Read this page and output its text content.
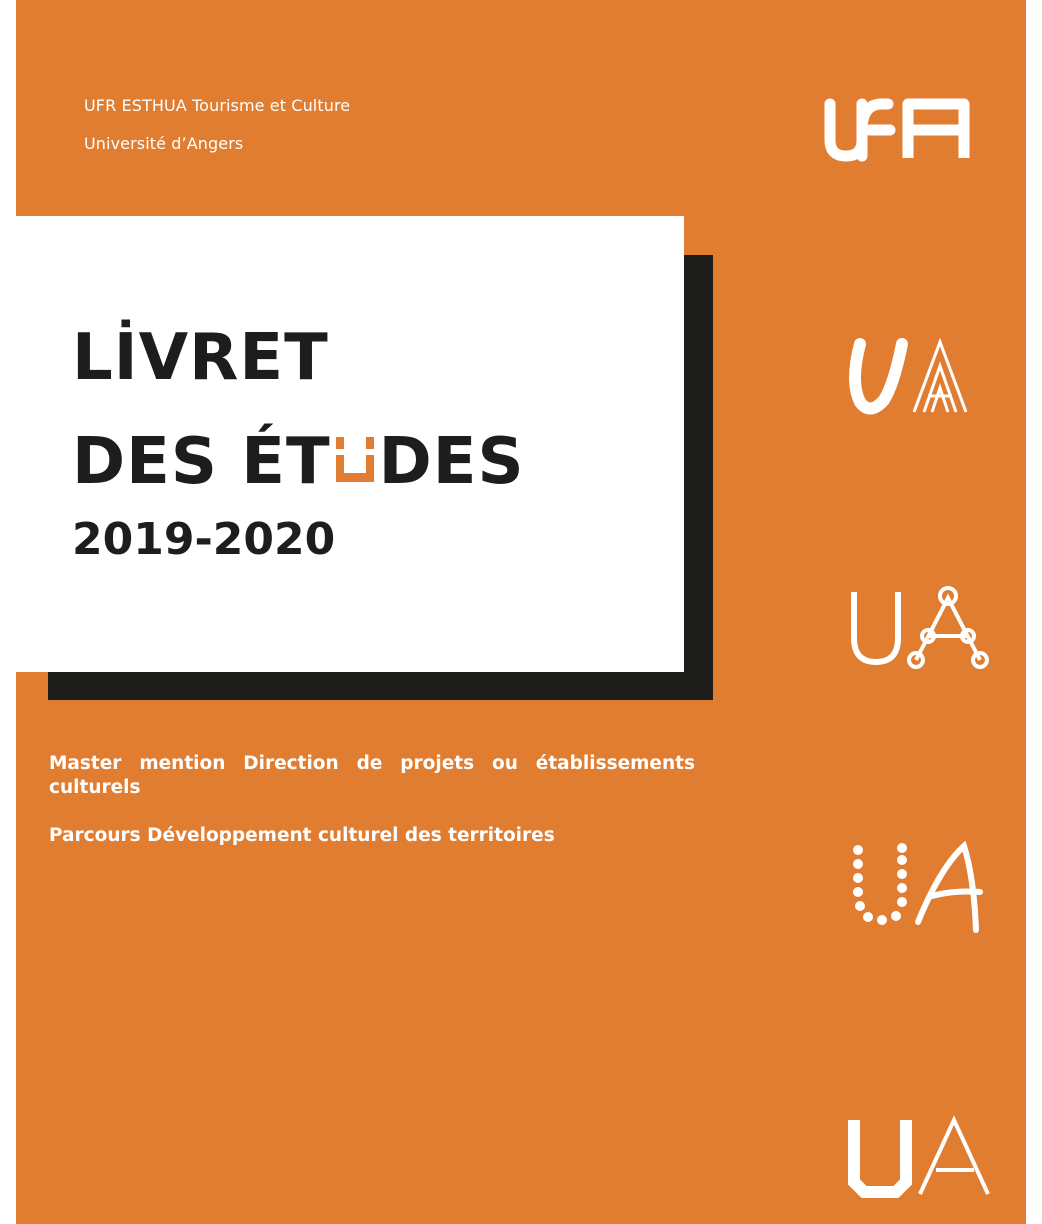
UFR ESTHUA Tourisme et Culture
Université d’Angers
LİVRET
DES ÉT DES
2019-2020
Master mention Direction de projets ou établissements culturels
Parcours Développement culturel des territoires
